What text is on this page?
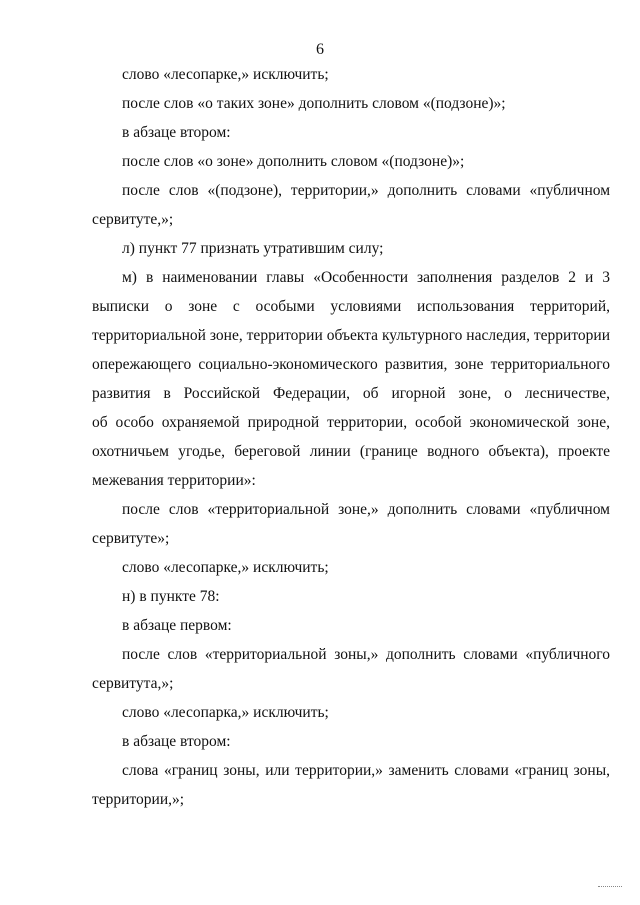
6
слово «лесопарке,» исключить;
после слов «о таких зоне» дополнить словом «(подзоне)»;
в абзаце втором:
после слов «о зоне» дополнить словом «(подзоне)»;
после слов «(подзоне), территории,» дополнить словами «публичном
сервитуте,»;
л) пункт 77 признать утратившим силу;
м) в наименовании главы «Особенности заполнения разделов 2 и 3
выписки о зоне с особыми условиями использования территорий,
территориальной зоне, территории объекта культурного наследия, территории
опережающего социально-экономического развития, зоне территориального
развития в Российской Федерации, об игорной зоне, о лесничестве,
об особо охраняемой природной территории, особой экономической зоне,
охотничьем угодье, береговой линии (границе водного объекта), проекте
межевания территории»:
после слов «территориальной зоне,» дополнить словами «публичном
сервитуте»;
слово «лесопарке,» исключить;
н) в пункте 78:
в абзаце первом:
после слов «территориальной зоны,» дополнить словами «публичного
сервитута,»;
слово «лесопарка,» исключить;
в абзаце втором:
слова «границ зоны, или территории,» заменить словами «границ зоны,
территории,»;
